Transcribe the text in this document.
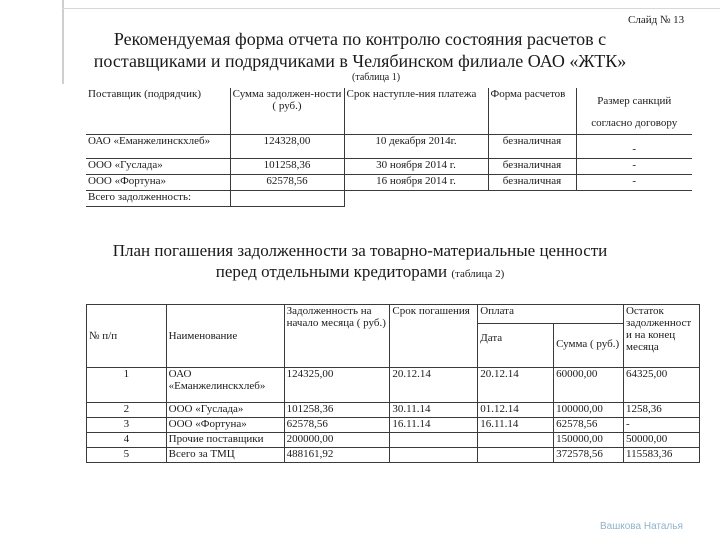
Слайд № 13
Рекомендуемая форма отчета по контролю состояния расчетов с
поставщиками и подрядчиками в Челябинском филиале ОАО «ЖТК»
(таблица 1)
Поставщик (подрядчик)	Сумма задолжен-ности ( руб.)	Срок наступле-ния платежа	Форма расчетов	Размер санкций
согласно договору

ОАО «Еманжелинскхлеб»	124328,00	10 декабря 2014г.	безналичная	-
ООО «Гуслада»	101258,36	30 ноября 2014 г.	безналичная	-
ООО «Фортуна»	62578,56	16 ноября 2014 г.	безналичная	-
Всего задолженность:				
План погашения задолженности за товарно-материальные ценности
перед отдельными кредиторами (таблица 2)
№ п/п	Наименование	Задолженность на начало месяца ( руб.)	Срок погашения	Оплата		Остаток задолженност и на конец месяца
				Дата	Сумма ( руб.)	
1	ОАО «Еманжелинскхлеб»	124325,00	20.12.14	20.12.14	60000,00	64325,00
2	ООО «Гуслада»	101258,36	30.11.14	01.12.14	100000,00	1258,36
3	ООО «Фортуна»	62578,56	16.11.14	16.11.14	62578,56	-
4	Прочие поставщики	200000,00			150000,00	50000,00
5	Всего за ТМЦ	488161,92			372578,56	115583,36
Вашкова Наталья
